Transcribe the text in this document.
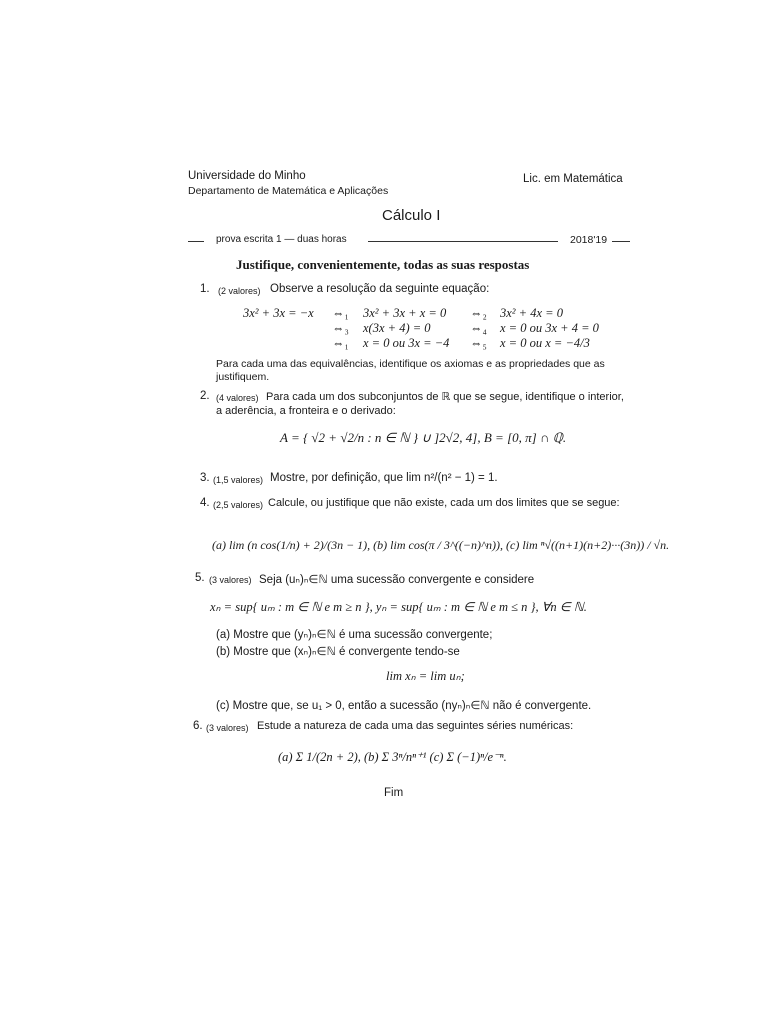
Universidade do Minho
Departamento de Matemática e Aplicações
Lic. em Matemática
Cálculo I
prova escrita 1 — duas horas	2018'19
Justifique, convenientemente, todas as suas respostas
1. (2 valores) Observe a resolução da seguinte equação:
3x² + 3x = −x ⇔₁ 3x² + 3x + x = 0 ⇔₂ 3x² + 4x = 0
⇔₃ x(3x + 4) = 0	⇔₄ x = 0 ou 3x + 4 = 0
⇔₁ x = 0 ou 3x = −4 ⇔₅ x = 0 ou x = −4/3
Para cada uma das equivalências, identifique os axiomas e as propriedades que as
justifiquem.
2. (4 valores) Para cada um dos subconjuntos de ℝ que se segue, identifique o interior,
a aderência, a fronteira e o derivado:
A = { √2 + √2/n : n ∈ ℕ } ∪ ]2√2, 4], B = [0, π] ∩ ℚ.
3. (1,5 valores) Mostre, por definição, que lim n²/(n² − 1) = 1.
4. (2,5 valores) Calcule, ou justifique que não existe, cada um dos limites que se segue:
(a) lim (n cos(1/n) + 2)/(3n − 1), (b) lim cos(π / 3^((−n)^n)), (c) lim ⁿ√((n+1)(n+2)···(3n)) / √n.
5. (3 valores) Seja (uₙ)ₙ∈ℕ uma sucessão convergente e considere
xₙ = sup{ uₘ : m ∈ ℕ e m ≥ n }, yₙ = sup{ uₘ : m ∈ ℕ e m ≤ n }, ∀n ∈ ℕ.
(a) Mostre que (yₙ)ₙ∈ℕ é uma sucessão convergente;
(b) Mostre que (xₙ)ₙ∈ℕ é convergente tendo-se
lim xₙ = lim uₙ;
(c) Mostre que, se u₁ > 0, então a sucessão (nyₙ)ₙ∈ℕ não é convergente.
6. (3 valores) Estude a natureza de cada uma das seguintes séries numéricas:
(a) Σ 1/(2n + 2), (b) Σ 3ⁿ/nⁿ⁺¹ (c) Σ (−1)ⁿ/e⁻ⁿ.
Fim
